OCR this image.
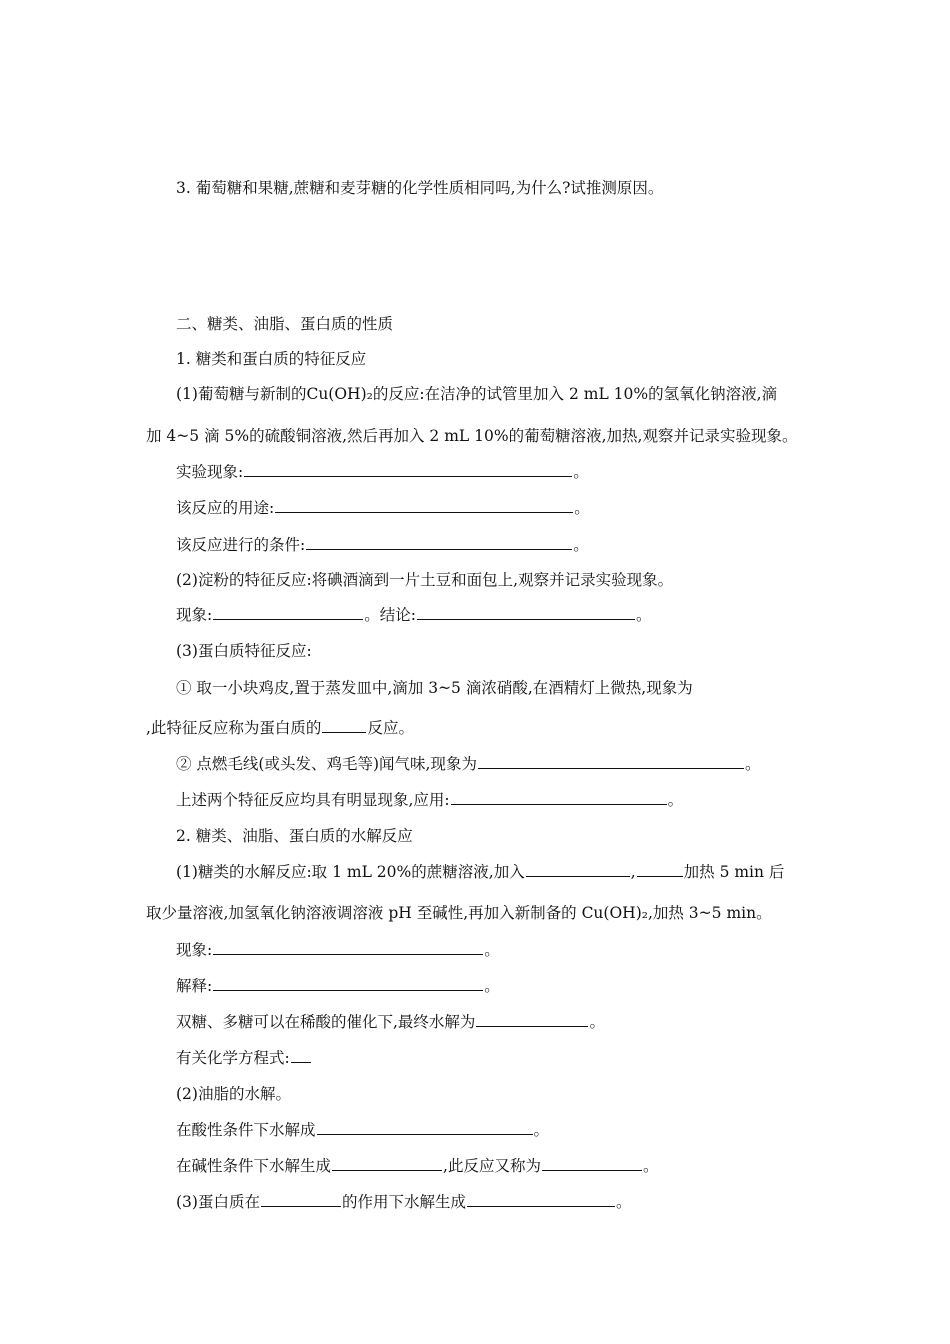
3. 葡萄糖和果糖,蔗糖和麦芽糖的化学性质相同吗,为什么?试推测原因。
二、糖类、油脂、蛋白质的性质
1. 糖类和蛋白质的特征反应
(1)葡萄糖与新制的Cu(OH)₂的反应:在洁净的试管里加入 2 mL 10%的氢氧化钠溶液,滴
加 4~5 滴 5%的硫酸铜溶液,然后再加入 2 mL 10%的葡萄糖溶液,加热,观察并记录实验现象。
实验现象:	。
该反应的用途:	。
该反应进行的条件:	。
(2)淀粉的特征反应:将碘酒滴到一片土豆和面包上,观察并记录实验现象。
现象:	。结论:	。
(3)蛋白质特征反应:
① 取一小块鸡皮,置于蒸发皿中,滴加 3~5 滴浓硝酸,在酒精灯上微热,现象为
,此特征反应称为蛋白质的	反应。
② 点燃毛线(或头发、鸡毛等)闻气味,现象为	。
上述两个特征反应均具有明显现象,应用:	。
2. 糖类、油脂、蛋白质的水解反应
(1)糖类的水解反应:取 1 mL 20%的蔗糖溶液,加入	,	加热 5 min 后
取少量溶液,加氢氧化钠溶液调溶液 pH 至碱性,再加入新制备的 Cu(OH)₂,加热 3~5 min。
现象:	。
解释:	。
双糖、多糖可以在稀酸的催化下,最终水解为	。
有关化学方程式:
(2)油脂的水解。
在酸性条件下水解成	。
在碱性条件下水解生成	,此反应又称为	。
(3)蛋白质在	的作用下水解生成	。
